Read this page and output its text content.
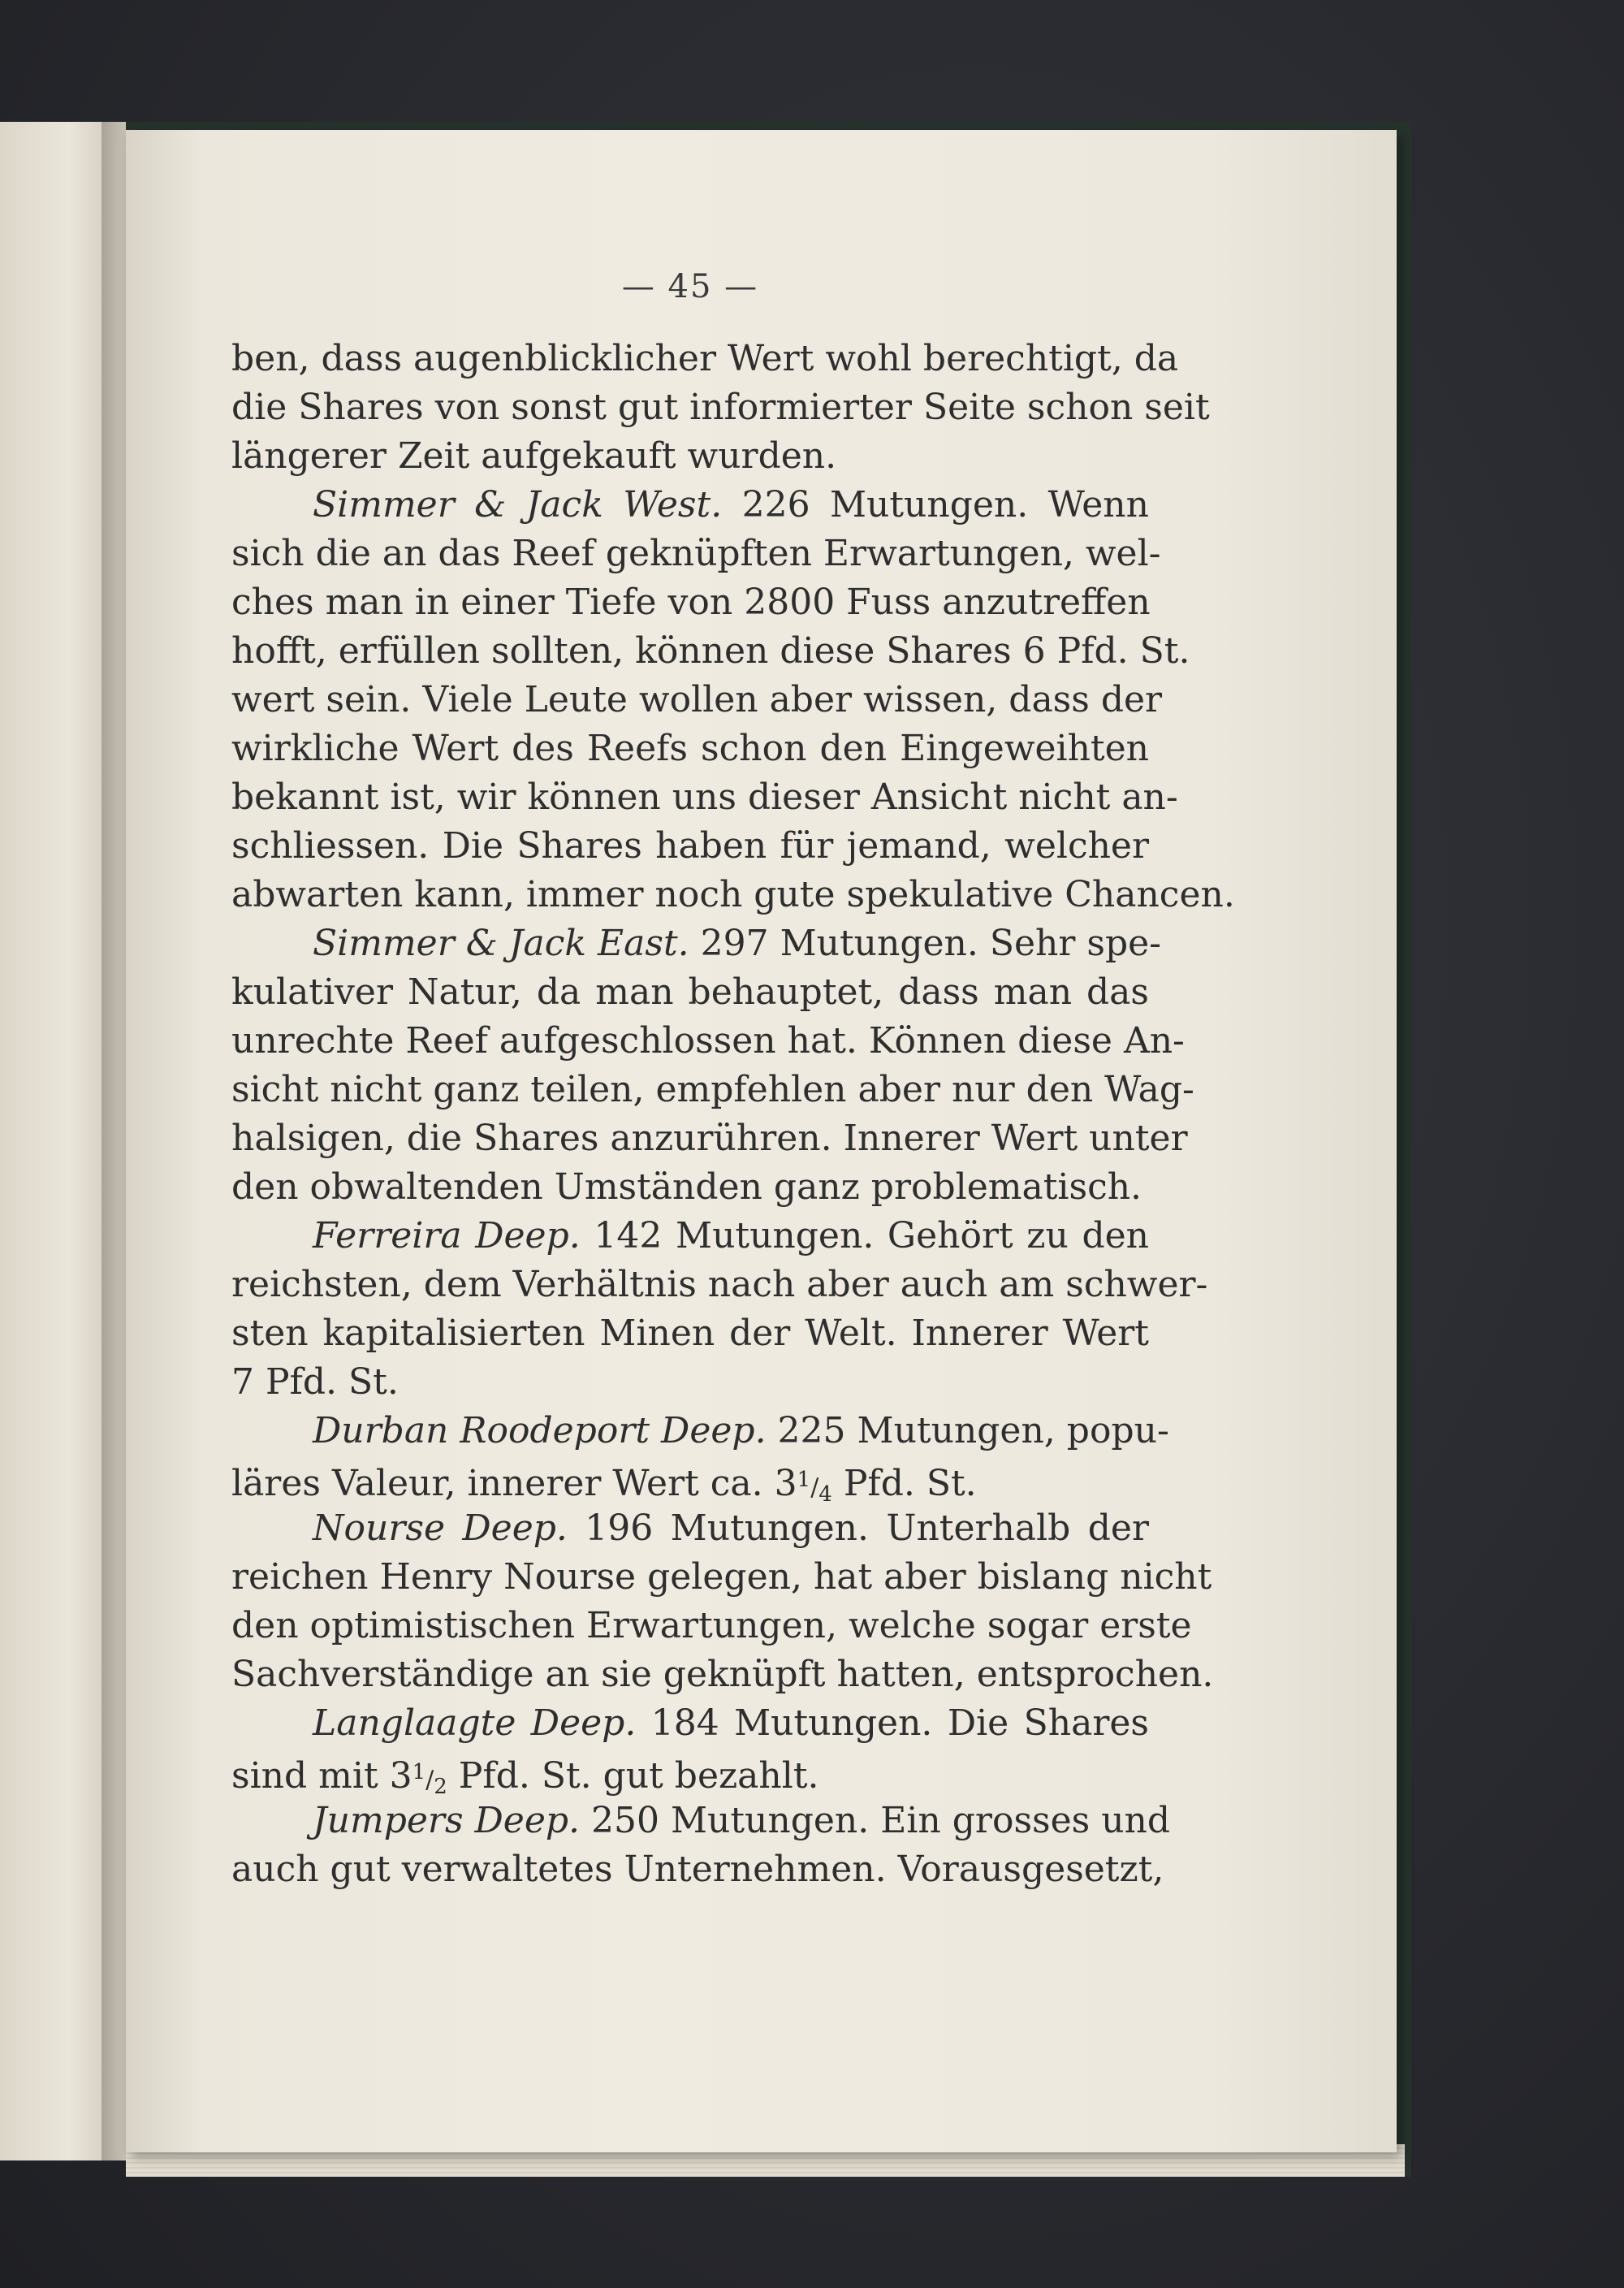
— 45 —
ben, dass augenblicklicher Wert wohl berechtigt, da
die Shares von sonst gut informierter Seite schon seit
längerer Zeit aufgekauft wurden.
Simmer & Jack West. 226 Mutungen. Wenn
sich die an das Reef geknüpften Erwartungen, wel-
ches man in einer Tiefe von 2800 Fuss anzutreffen
hofft, erfüllen sollten, können diese Shares 6 Pfd. St.
wert sein. Viele Leute wollen aber wissen, dass der
wirkliche Wert des Reefs schon den Eingeweihten
bekannt ist, wir können uns dieser Ansicht nicht an-
schliessen. Die Shares haben für jemand, welcher
abwarten kann, immer noch gute spekulative Chancen.
Simmer & Jack East. 297 Mutungen. Sehr spe-
kulativer Natur, da man behauptet, dass man das
unrechte Reef aufgeschlossen hat. Können diese An-
sicht nicht ganz teilen, empfehlen aber nur den Wag-
halsigen, die Shares anzurühren. Innerer Wert unter
den obwaltenden Umständen ganz problematisch.
Ferreira Deep. 142 Mutungen. Gehört zu den
reichsten, dem Verhältnis nach aber auch am schwer-
sten kapitalisierten Minen der Welt. Innerer Wert
7 Pfd. St.
Durban Roodeport Deep. 225 Mutungen, popu-
läres Valeur, innerer Wert ca. $3^1/_4$ Pfd. St.
Nourse Deep. 196 Mutungen. Unterhalb der
reichen Henry Nourse gelegen, hat aber bislang nicht
den optimistischen Erwartungen, welche sogar erste
Sachverständige an sie geknüpft hatten, entsprochen.
Langlaagte Deep. 184 Mutungen. Die Shares
sind mit $3^1/_2$ Pfd. St. gut bezahlt.
Jumpers Deep. 250 Mutungen. Ein grosses und
auch gut verwaltetes Unternehmen. Vorausgesetzt,
